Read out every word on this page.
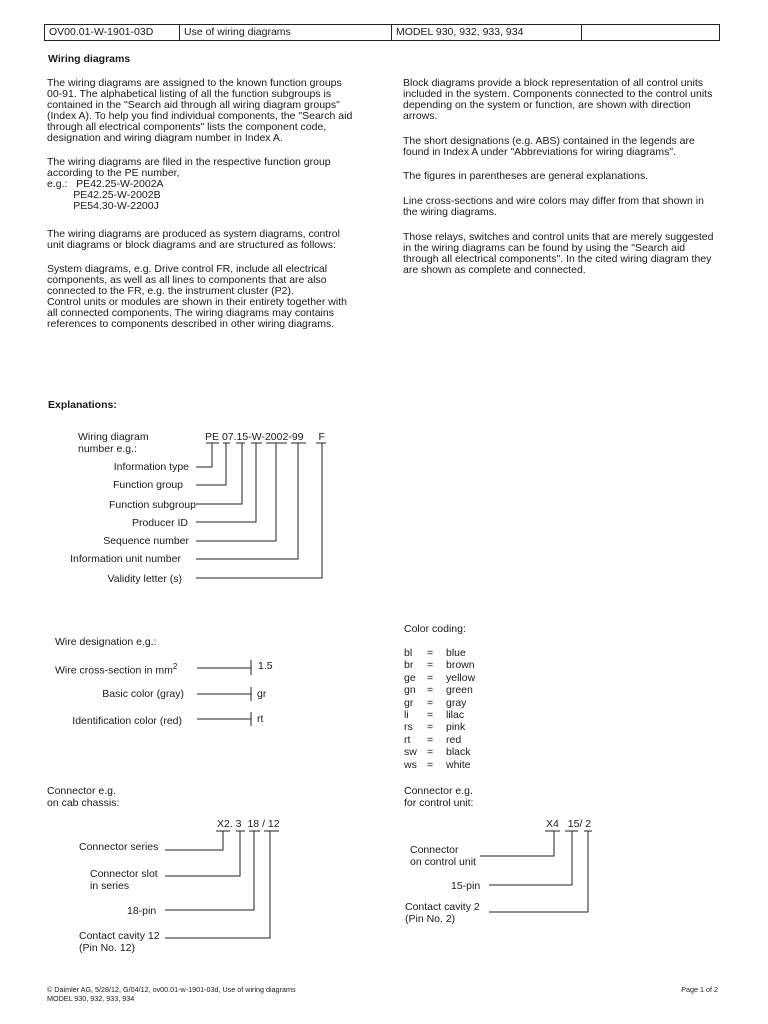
OV00.01-W-1901-03D	Use of wiring diagrams	MODEL 930, 932, 933, 934
Wiring diagrams

The wiring diagrams are assigned to the known function groups
00-91. The alphabetical listing of all the function subgroups is
contained in the "Search aid through all wiring diagram groups"
(Index A). To help you find individual components, the "Search aid
through all electrical components" lists the component code,
designation and wiring diagram number in Index A.

The wiring diagrams are filed in the respective function group
according to the PE number,
e.g.:   PE42.25-W-2002A
PE42.25-W-2002B
PE54.30-W-2200J

The wiring diagrams are produced as system diagrams, control
unit diagrams or block diagrams and are structured as follows:

System diagrams, e.g. Drive control FR, include all electrical
components, as well as all lines to components that are also
connected to the FR, e.g. the instrument cluster (P2).
Control units or modules are shown in their entirety together with
all connected components. The wiring diagrams may contains
references to components described in other wiring diagrams.

Block diagrams provide a block representation of all control units
included in the system. Components connected to the control units
depending on the system or function, are shown with direction
arrows.

The short designations (e.g. ABS) contained in the legends are
found in Index A under "Abbreviations for wiring diagrams".

The figures in parentheses are general explanations.

Line cross-sections and wire colors may differ from that shown in
the wiring diagrams.

Those relays, switches and control units that are merely suggested
in the wiring diagrams can be found by using the "Search aid
through all electrical components". In the cited wiring diagram they
are shown as complete and connected.

Explanations:
Wiring diagram
number e.g.:
PE 07.15-W-2002-99 F
Information type
Function group
Function subgroup
Producer ID
Sequence number
Information unit number
Validity letter (s)
Wire designation e.g.:
Wire cross-section in $mm^2$
Basic color (gray)
Identification color (red)
1.5
gr
rt
Color coding:
bl = blue
br = brown
ge = yellow
gn = green
gr = gray
li = lilac
rs = pink
rt = red
sw = black
ws = white
Connector e.g.
on cab chassis:
X2. 3 18 / 12
Connector series
Connector slot
in series
18-pin
Contact cavity 12
(Pin No. 12)
Connector e.g.
for control unit:
X4 15/ 2
Connector
on control unit
15-pin
Contact cavity 2
(Pin No. 2)
© Daimler AG, 5/28/12, G/04/12, ov00.01-w-1901-03d, Use of wiring diagrams
MODEL 930, 932, 933, 934
Page 1 of 2
